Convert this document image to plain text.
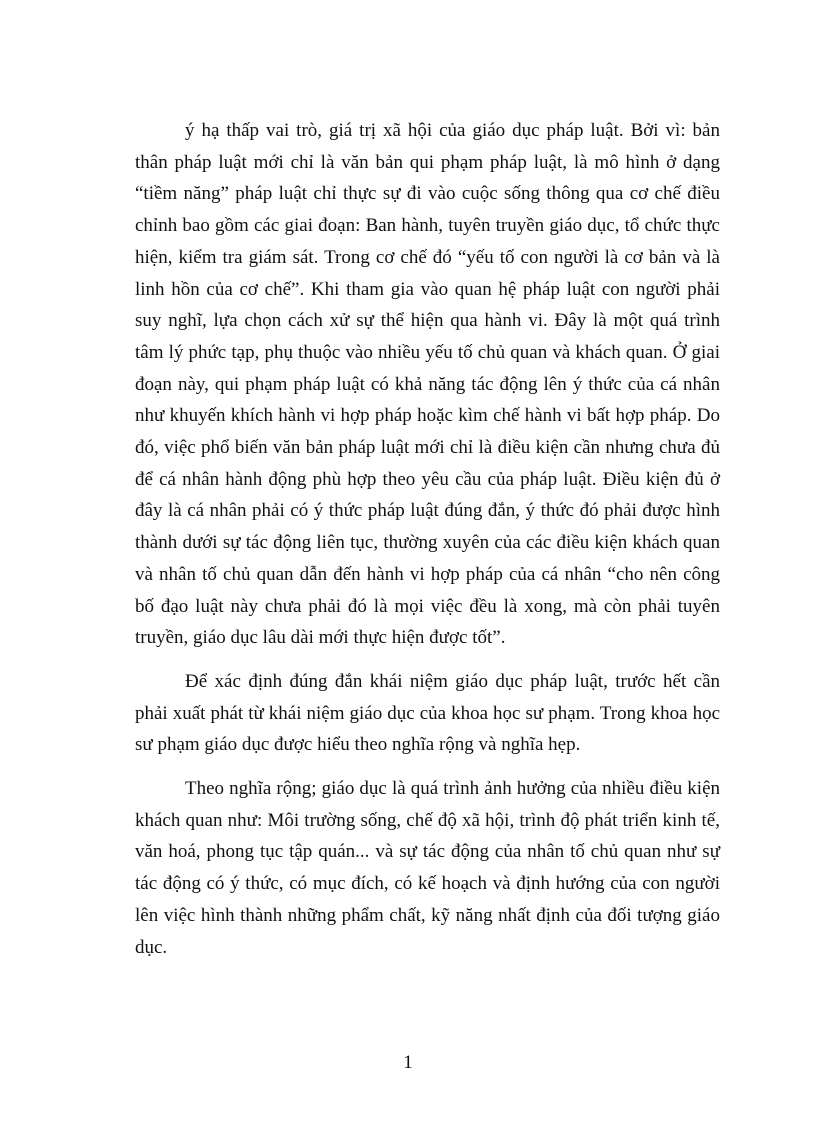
ý hạ thấp vai trò, giá trị xã hội của giáo dục pháp luật. Bởi vì: bản thân pháp luật mới chỉ là văn bản qui phạm pháp luật, là mô hình ở dạng “tiềm năng” pháp luật chỉ thực sự đi vào cuộc sống thông qua cơ chế điều chỉnh bao gồm các giai đoạn: Ban hành, tuyên truyền giáo dục, tổ chức thực hiện, kiểm tra giám sát. Trong cơ chế đó “yếu tố con người là cơ bản và là linh hồn của cơ chế”. Khi tham gia vào quan hệ pháp luật con người phải suy nghĩ, lựa chọn cách xử sự thể hiện qua hành vi. Đây là một quá trình tâm lý phức tạp, phụ thuộc vào nhiều yếu tố chủ quan và khách quan. Ở giai đoạn này, qui phạm pháp luật có khả năng tác động lên ý thức của cá nhân như khuyến khích hành vi hợp pháp hoặc kìm chế hành vi bất hợp pháp. Do đó, việc phổ biến văn bản pháp luật mới chỉ là điều kiện cần nhưng chưa đủ để cá nhân hành động phù hợp theo yêu cầu của pháp luật. Điều kiện đủ ở đây là cá nhân phải có ý thức pháp luật đúng đắn, ý thức đó phải được hình thành dưới sự tác động liên tục, thường xuyên của các điều kiện khách quan và nhân tố chủ quan dẫn đến hành vi hợp pháp của cá nhân “cho nên công bố đạo luật này chưa phải đó là mọi việc đều là xong, mà còn phải tuyên truyền, giáo dục lâu dài mới thực hiện được tốt”.

Để xác định đúng đắn khái niệm giáo dục pháp luật, trước hết cần phải xuất phát từ khái niệm giáo dục của khoa học sư phạm. Trong khoa học sư phạm giáo dục được hiểu theo nghĩa rộng và nghĩa hẹp.

Theo nghĩa rộng; giáo dục là quá trình ảnh hưởng của nhiều điều kiện khách quan như: Môi trường sống, chế độ xã hội, trình độ phát triển kinh tế, văn hoá, phong tục tập quán... và sự tác động của nhân tố chủ quan như sự tác động có ý thức, có mục đích, có kế hoạch và định hướng của con người lên việc hình thành những phẩm chất, kỹ năng nhất định của đối tượng giáo dục.

1
